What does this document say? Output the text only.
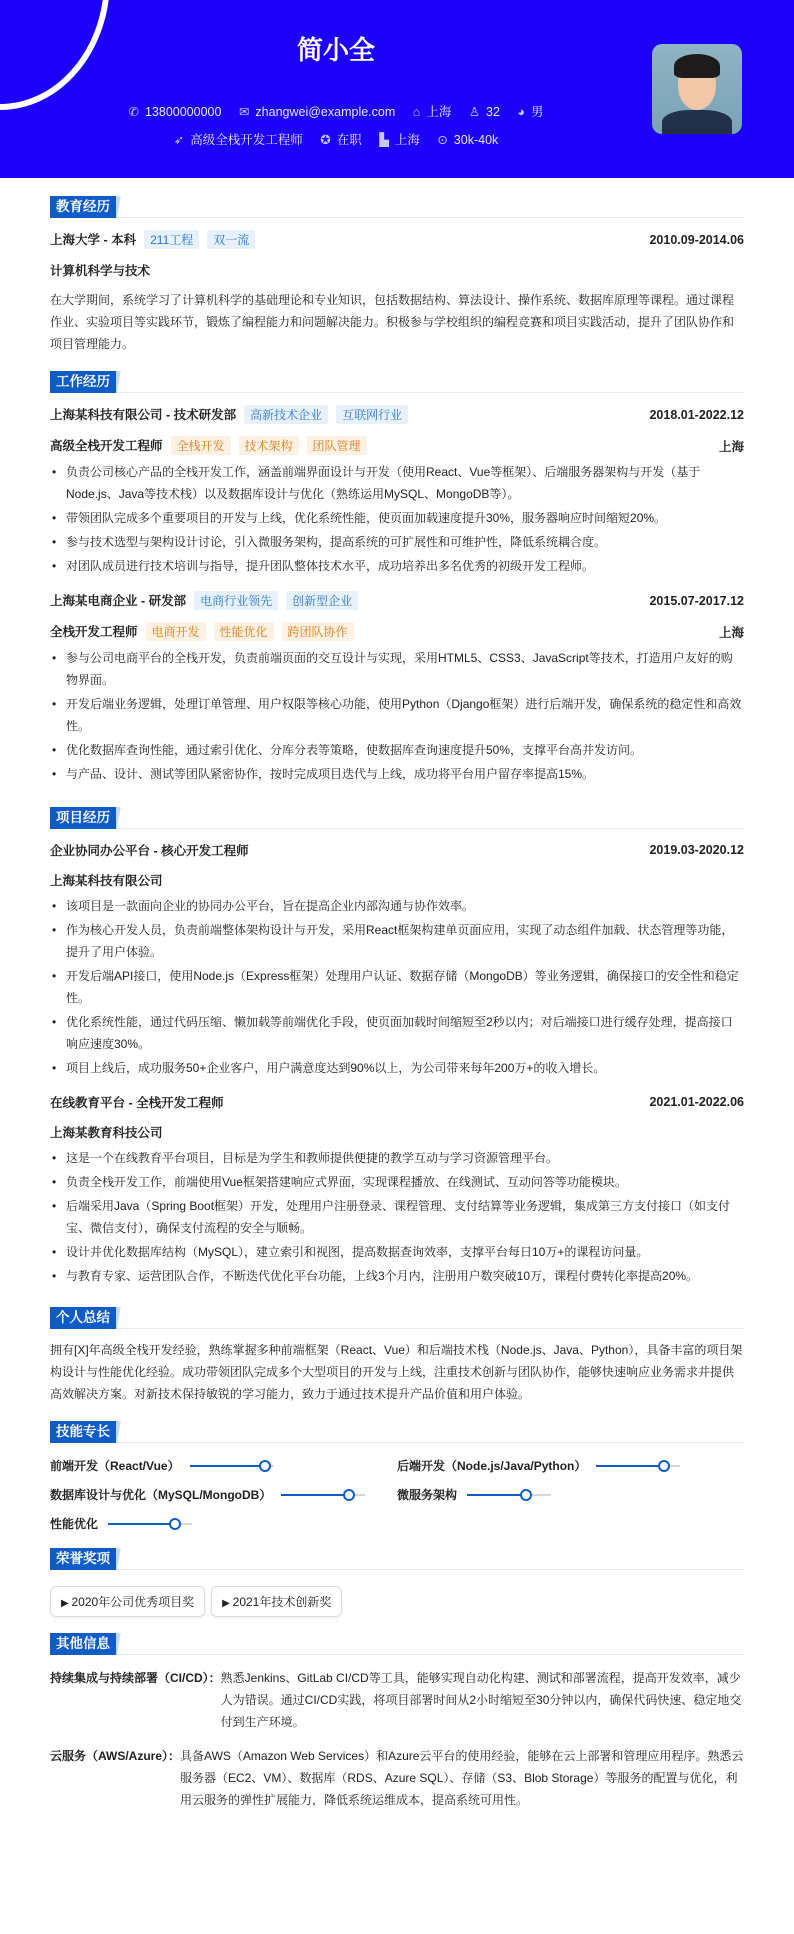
简小全
✆ 13800000000 ✉ zhangwei@example.com ⌂ 上海 ♙ 32 ◕ 男
➶ 高级全栈开发工程师 ✪ 在职 ▙ 上海 ⊙ 30k-40k
教育经历
上海大学 - 本科 211工程 双一流	2010.09-2014.06
计算机科学与技术

在大学期间，系统学习了计算机科学的基础理论和专业知识，包括数据结构、算法设计、操作系统、数据库原理等课程。通过课程作业、实验项目等实践环节，锻炼了编程能力和问题解决能力。积极参与学校组织的编程竞赛和项目实践活动，提升了团队协作和项目管理能力。

工作经历
上海某科技有限公司 - 技术研发部 高新技术企业 互联网行业	2018.01-2022.12
高级全栈开发工程师 全栈开发 技术架构 团队管理	上海
• 负责公司核心产品的全栈开发工作，涵盖前端界面设计与开发（使用React、Vue等框架）、后端服务器架构与开发（基于Node.js、Java等技术栈）以及数据库设计与优化（熟练运用MySQL、MongoDB等）。
• 带领团队完成多个重要项目的开发与上线，优化系统性能，使页面加载速度提升30%，服务器响应时间缩短20%。
• 参与技术选型与架构设计讨论，引入微服务架构，提高系统的可扩展性和可维护性，降低系统耦合度。
• 对团队成员进行技术培训与指导，提升团队整体技术水平，成功培养出多名优秀的初级开发工程师。
上海某电商企业 - 研发部 电商行业领先 创新型企业	2015.07-2017.12
全栈开发工程师 电商开发 性能优化 跨团队协作	上海
• 参与公司电商平台的全栈开发，负责前端页面的交互设计与实现，采用HTML5、CSS3、JavaScript等技术，打造用户友好的购物界面。
• 开发后端业务逻辑，处理订单管理、用户权限等核心功能，使用Python（Django框架）进行后端开发，确保系统的稳定性和高效性。
• 优化数据库查询性能，通过索引优化、分库分表等策略，使数据库查询速度提升50%，支撑平台高并发访问。
• 与产品、设计、测试等团队紧密协作，按时完成项目迭代与上线，成功将平台用户留存率提高15%。
项目经历
企业协同办公平台 - 核心开发工程师	2019.03-2020.12
上海某科技有限公司
• 该项目是一款面向企业的协同办公平台，旨在提高企业内部沟通与协作效率。
• 作为核心开发人员，负责前端整体架构设计与开发，采用React框架构建单页面应用，实现了动态组件加载、状态管理等功能，提升了用户体验。
• 开发后端API接口，使用Node.js（Express框架）处理用户认证、数据存储（MongoDB）等业务逻辑，确保接口的安全性和稳定性。
• 优化系统性能，通过代码压缩、懒加载等前端优化手段，使页面加载时间缩短至2秒以内；对后端接口进行缓存处理，提高接口响应速度30%。
• 项目上线后，成功服务50+企业客户，用户满意度达到90%以上，为公司带来每年200万+的收入增长。
在线教育平台 - 全栈开发工程师	2021.01-2022.06
上海某教育科技公司
• 这是一个在线教育平台项目，目标是为学生和教师提供便捷的教学互动与学习资源管理平台。
• 负责全栈开发工作，前端使用Vue框架搭建响应式界面，实现课程播放、在线测试、互动问答等功能模块。
• 后端采用Java（Spring Boot框架）开发，处理用户注册登录、课程管理、支付结算等业务逻辑，集成第三方支付接口（如支付宝、微信支付），确保支付流程的安全与顺畅。
• 设计并优化数据库结构（MySQL），建立索引和视图，提高数据查询效率，支撑平台每日10万+的课程访问量。
• 与教育专家、运营团队合作，不断迭代优化平台功能，上线3个月内，注册用户数突破10万，课程付费转化率提高20%。
个人总结

拥有[X]年高级全栈开发经验，熟练掌握多种前端框架（React、Vue）和后端技术栈（Node.js、Java、Python），具备丰富的项目架构设计与性能优化经验。成功带领团队完成多个大型项目的开发与上线，注重技术创新与团队协作，能够快速响应业务需求并提供高效解决方案。对新技术保持敏锐的学习能力，致力于通过技术提升产品价值和用户体验。

技能专长
前端开发（React/Vue）	后端开发（Node.js/Java/Python）
数据库设计与优化（MySQL/MongoDB）	微服务架构
性能优化
荣誉奖项
▶ 2020年公司优秀项目奖	▶ 2021年技术创新奖
其他信息
持续集成与持续部署（CI/CD）： 熟悉Jenkins、GitLab CI/CD等工具，能够实现自动化构建、测试和部署流程，提高开发效率，减少人为错误。通过CI/CD实践，将项目部署时间从2小时缩短至30分钟以内，确保代码快速、稳定地交付到生产环境。
云服务（AWS/Azure）： 具备AWS（Amazon Web Services）和Azure云平台的使用经验，能够在云上部署和管理应用程序。熟悉云服务器（EC2、VM）、数据库（RDS、Azure SQL）、存储（S3、Blob Storage）等服务的配置与优化，利用云服务的弹性扩展能力，降低系统运维成本，提高系统可用性。
